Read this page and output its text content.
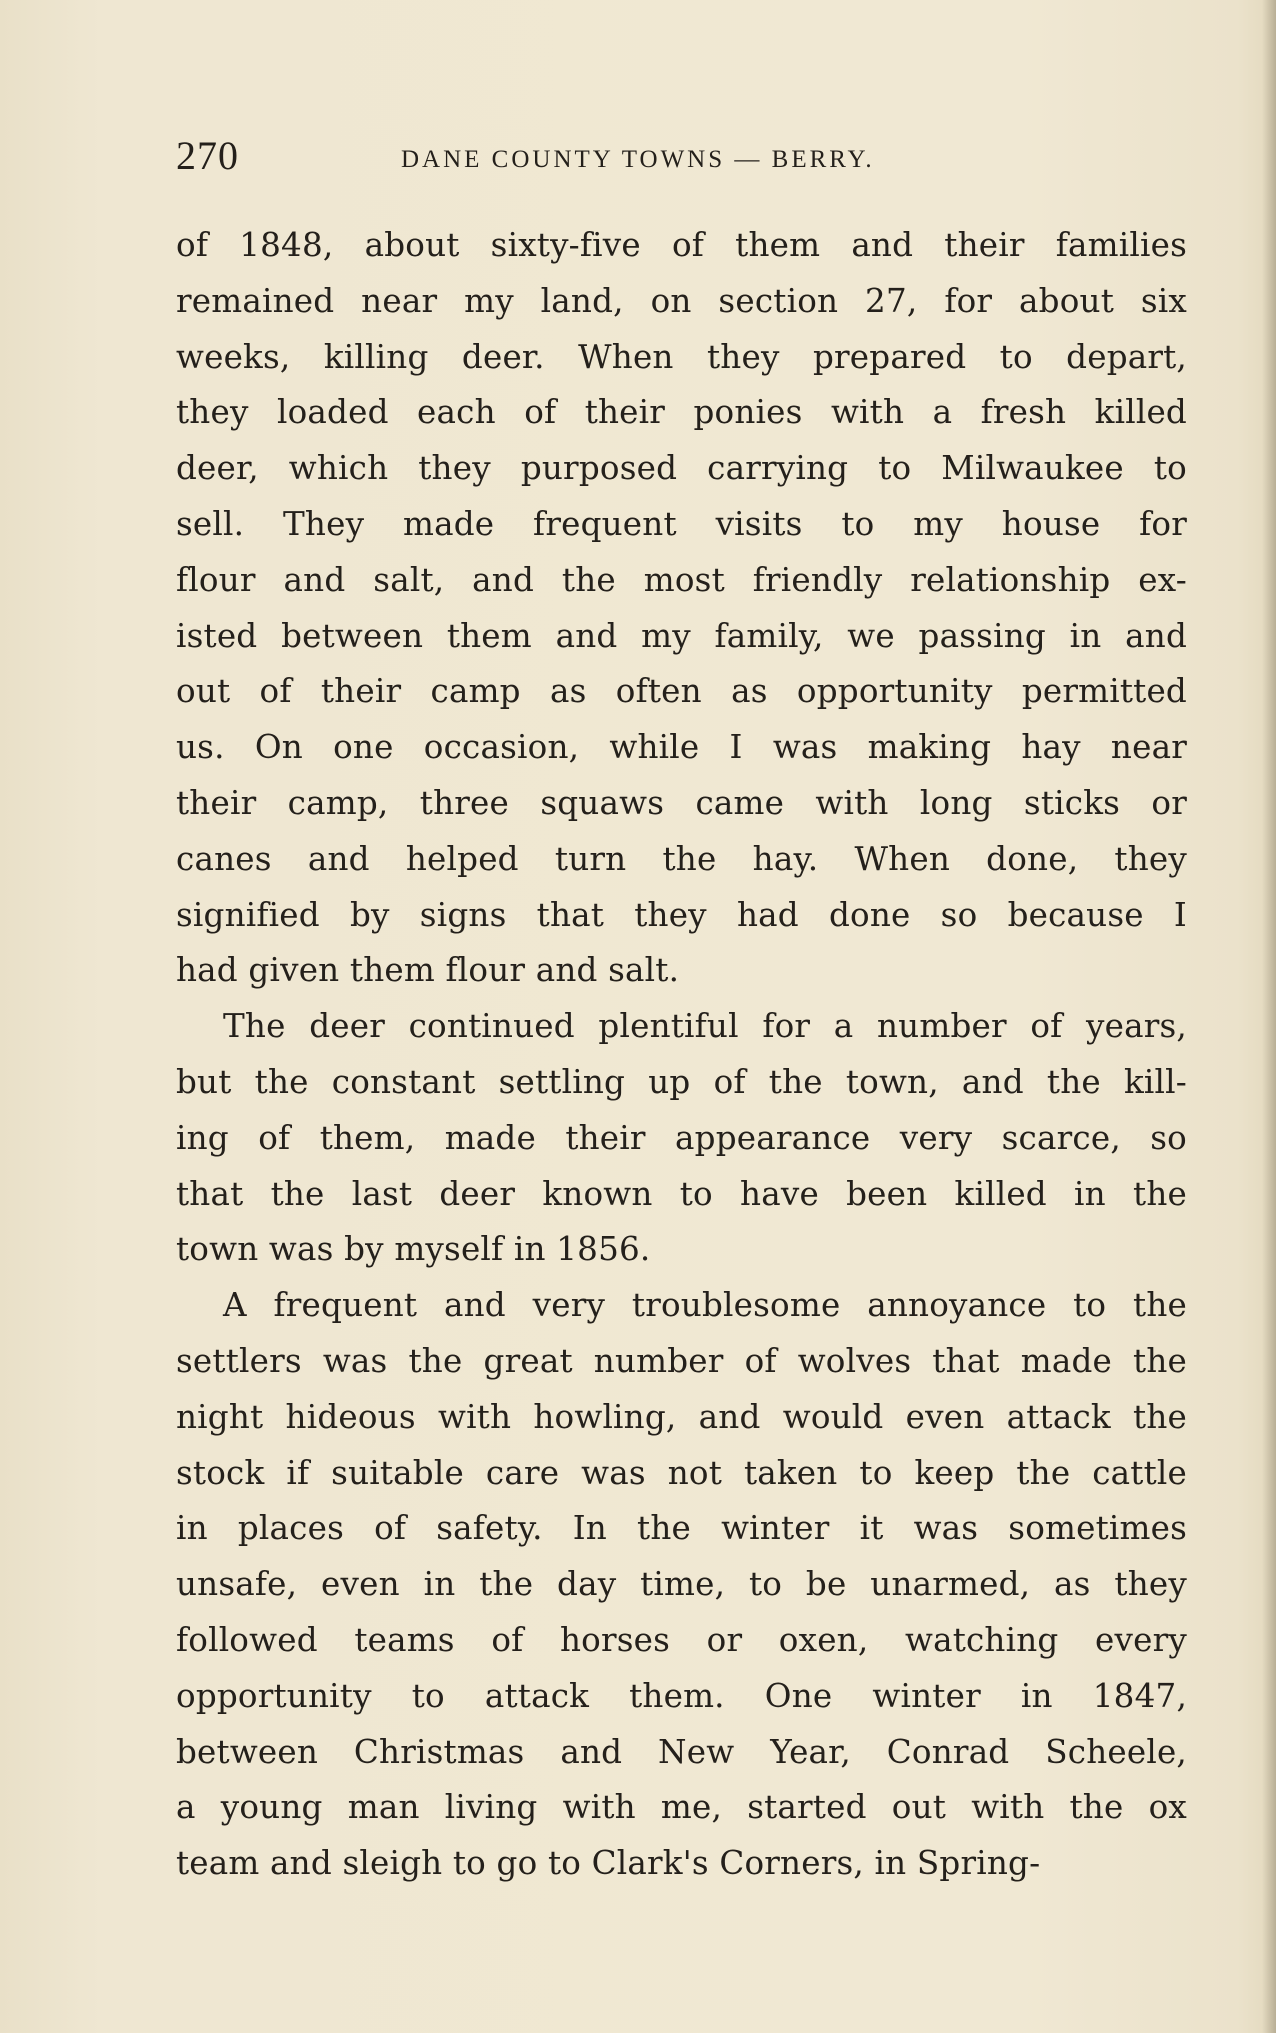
270	DANE COUNTY TOWNS — BERRY.
of 1848, about sixty-five of them and their families
remained near my land, on section 27, for about six
weeks, killing deer. When they prepared to depart,
they loaded each of their ponies with a fresh killed
deer, which they purposed carrying to Milwaukee to
sell. They made frequent visits to my house for
flour and salt, and the most friendly relationship ex-
isted between them and my family, we passing in and
out of their camp as often as opportunity permitted
us. On one occasion, while I was making hay near
their camp, three squaws came with long sticks or
canes and helped turn the hay. When done, they
signified by signs that they had done so because I
had given them flour and salt.
The deer continued plentiful for a number of years,
but the constant settling up of the town, and the kill-
ing of them, made their appearance very scarce, so
that the last deer known to have been killed in the
town was by myself in 1856.
A frequent and very troublesome annoyance to the
settlers was the great number of wolves that made the
night hideous with howling, and would even attack the
stock if suitable care was not taken to keep the cattle
in places of safety. In the winter it was sometimes
unsafe, even in the day time, to be unarmed, as they
followed teams of horses or oxen, watching every
opportunity to attack them. One winter in 1847,
between Christmas and New Year, Conrad Scheele,
a young man living with me, started out with the ox
team and sleigh to go to Clark's Corners, in Spring-
